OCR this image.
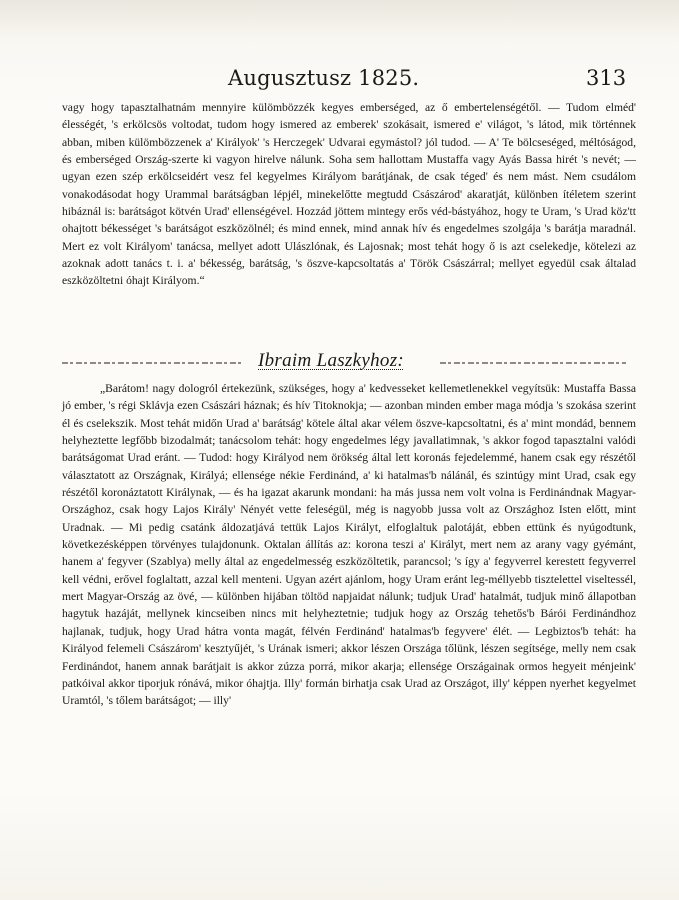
Augusztusz 1825.	313

vagy hogy tapasztalhatnám mennyire külömbözzék kegyes emberséged, az ő embertelenségétől. — Tudom elméd' élességét, 's erkölcsös voltodat, tudom hogy ismered az emberek' szokásait, ismered e' világot, 's látod, mik történnek abban, miben külömbözzenek a' Királyok' 's Herczegek' Udvarai egymástol? jól tudod. — A' Te bölcseséged, méltóságod, és emberséged Ország-szerte ki vagyon hirelve nálunk. Soha sem hallottam Mustaffa vagy Ayás Bassa hirét 's nevét; — ugyan ezen szép erkölcseidért vesz fel kegyelmes Királyom barátjának, de csak téged' és nem mást. Nem csudálom vonakodásodat hogy Urammal barátságban lépjél, minekelőtte megtudd Császárod' akaratját, különben ítéletem szerint hibáznál is: barátságot kötvén Urad' ellenségével. Hozzád jöttem mintegy erős véd-bástyához, hogy te Uram, 's Urad köz'tt ohajtott békességet 's barátságot eszközölnél; és mind ennek, mind annak hív és engedelmes szolgája 's barátja maradnál. Mert ez volt Királyom' tanácsa, mellyet adott Ulászlónak, és Lajosnak; most tehát hogy ő is azt cselekedje, kötelezi az azoknak adott tanács t. i. a' békesség, barátság, 's öszve-kapcsoltatás a' Török Császárral; mellyet egyedül csak általad eszközöltetni óhajt Királyom.“

Ibraim Laszkyhoz:

„Barátom! nagy dologról értekezünk, szükséges, hogy a' kedvesseket kellemetlenekkel vegyítsük: Mustaffa Bassa jó ember, 's régi Sklávja ezen Császári háznak; és hív Titoknokja; — azonban minden ember maga módja 's szokása szerint él és cselekszik. Most tehát midőn Urad a' barátság' kötele által akar vélem öszve-kapcsoltatni, és a' mint mondád, bennem helyheztette legfőbb bizodalmát; tanácsolom tehát: hogy engedelmes légy javallatimnak, 's akkor fogod tapasztalni valódi barátságomat Urad eránt. — Tudod: hogy Királyod nem örökség által lett koronás fejedelemmé, hanem csak egy részétől választatott az Országnak, Királyá; ellensége nékie Ferdinánd, a' ki hatalmas'b nálánál, és szintúgy mint Urad, csak egy részétől koronáztatott Királynak, — és ha igazat akarunk mondani: ha más jussa nem volt volna is Ferdinándnak Magyar-Országhoz, csak hogy Lajos Király' Nényét vette feleségül, még is nagyobb jussa volt az Országhoz Isten előtt, mint Uradnak. — Mi pedig csatánk áldozatjává tettük Lajos Királyt, elfoglaltuk palotáját, ebben ettünk és nyúgodtunk, következésképpen törvényes tulajdonunk. Oktalan állítás az: korona teszi a' Királyt, mert nem az arany vagy gyémánt, hanem a' fegyver (Szablya) melly által az engedelmesség eszközöltetik, parancsol; 's így a' fegyverrel kerestett fegyverrel kell védni, erővel foglaltatt, azzal kell menteni. Ugyan azért ajánlom, hogy Uram eránt leg-méllyebb tisztelettel viseltessél, mert Magyar-Ország az övé, — különben hijában töltöd napjaidat nálunk; tudjuk Urad' hatalmát, tudjuk minő állapotban hagytuk hazáját, mellynek kincseiben nincs mit helyheztetnie; tudjuk hogy az Ország tehetős'b Bárói Ferdinándhoz hajlanak, tudjuk, hogy Urad hátra vonta magát, félvén Ferdinánd' hatalmas'b fegyvere' élét. — Legbiztos'b tehát: ha Királyod felemeli Császárom' kesztyűjét, 's Urának ismeri; akkor lészen Országa tőlünk, lészen segítsége, melly nem csak Ferdinándot, hanem annak barátjait is akkor zúzza porrá, mikor akarja; ellensége Országainak ormos hegyeit ménjeink' patkóival akkor tiporjuk rónává, mikor óhajtja. Illy' formán birhatja csak Urad az Országot, illy' képpen nyerhet kegyelmet Uramtól, 's tőlem barátságot; — illy'
